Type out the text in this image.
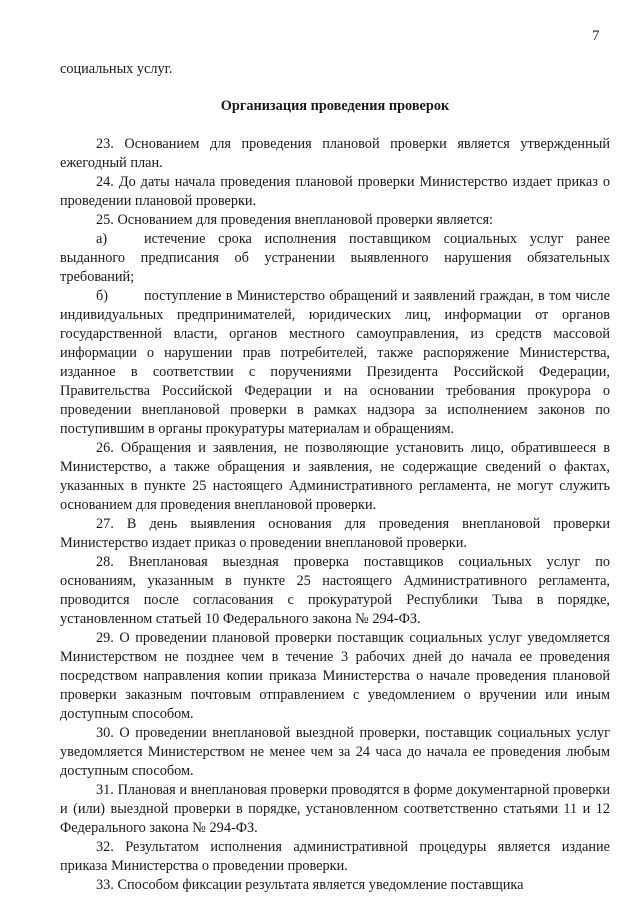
7

социальных услуг.

Организация проведения проверок

23. Основанием для проведения плановой проверки является утвержденный ежегодный план.

24. До даты начала проведения плановой проверки Министерство издает приказ о проведении плановой проверки.

25. Основанием для проведения внеплановой проверки является:

а)	истечение срока исполнения поставщиком социальных услуг ранее выданного предписания об устранении выявленного нарушения обязательных требований;

б)	поступление в Министерство обращений и заявлений граждан, в том числе индивидуальных предпринимателей, юридических лиц, информации от органов государственной власти, органов местного самоуправления, из средств массовой информации о нарушении прав потребителей, также распоряжение Министерства, изданное в соответствии с поручениями Президента Российской Федерации, Правительства Российской Федерации и на основании требования прокурора о проведении внеплановой проверки в рамках надзора за исполнением законов по поступившим в органы прокуратуры материалам и обращениям.

26. Обращения и заявления, не позволяющие установить лицо, обратившееся в Министерство, а также обращения и заявления, не содержащие сведений о фактах, указанных в пункте 25 настоящего Административного регламента, не могут служить основанием для проведения внеплановой проверки.

27. В день выявления основания для проведения внеплановой проверки Министерство издает приказ о проведении внеплановой проверки.

28. Внеплановая выездная проверка поставщиков социальных услуг по основаниям, указанным в пункте 25 настоящего Административного регламента, проводится после согласования с прокуратурой Республики Тыва в порядке, установленном статьей 10 Федерального закона № 294-ФЗ.

29. О проведении плановой проверки поставщик социальных услуг уведомляется Министерством не позднее чем в течение 3 рабочих дней до начала ее проведения посредством направления копии приказа Министерства о начале проведения плановой проверки заказным почтовым отправлением с уведомлением о вручении или иным доступным способом.

30. О проведении внеплановой выездной проверки, поставщик социальных услуг уведомляется Министерством не менее чем за 24 часа до начала ее проведения любым доступным способом.

31. Плановая и внеплановая проверки проводятся в форме документарной проверки и (или) выездной проверки в порядке, установленном соответственно статьями 11 и 12 Федерального закона № 294-ФЗ.

32. Результатом исполнения административной процедуры является издание приказа Министерства о проведении проверки.

33. Способом фиксации результата является уведомление поставщика
